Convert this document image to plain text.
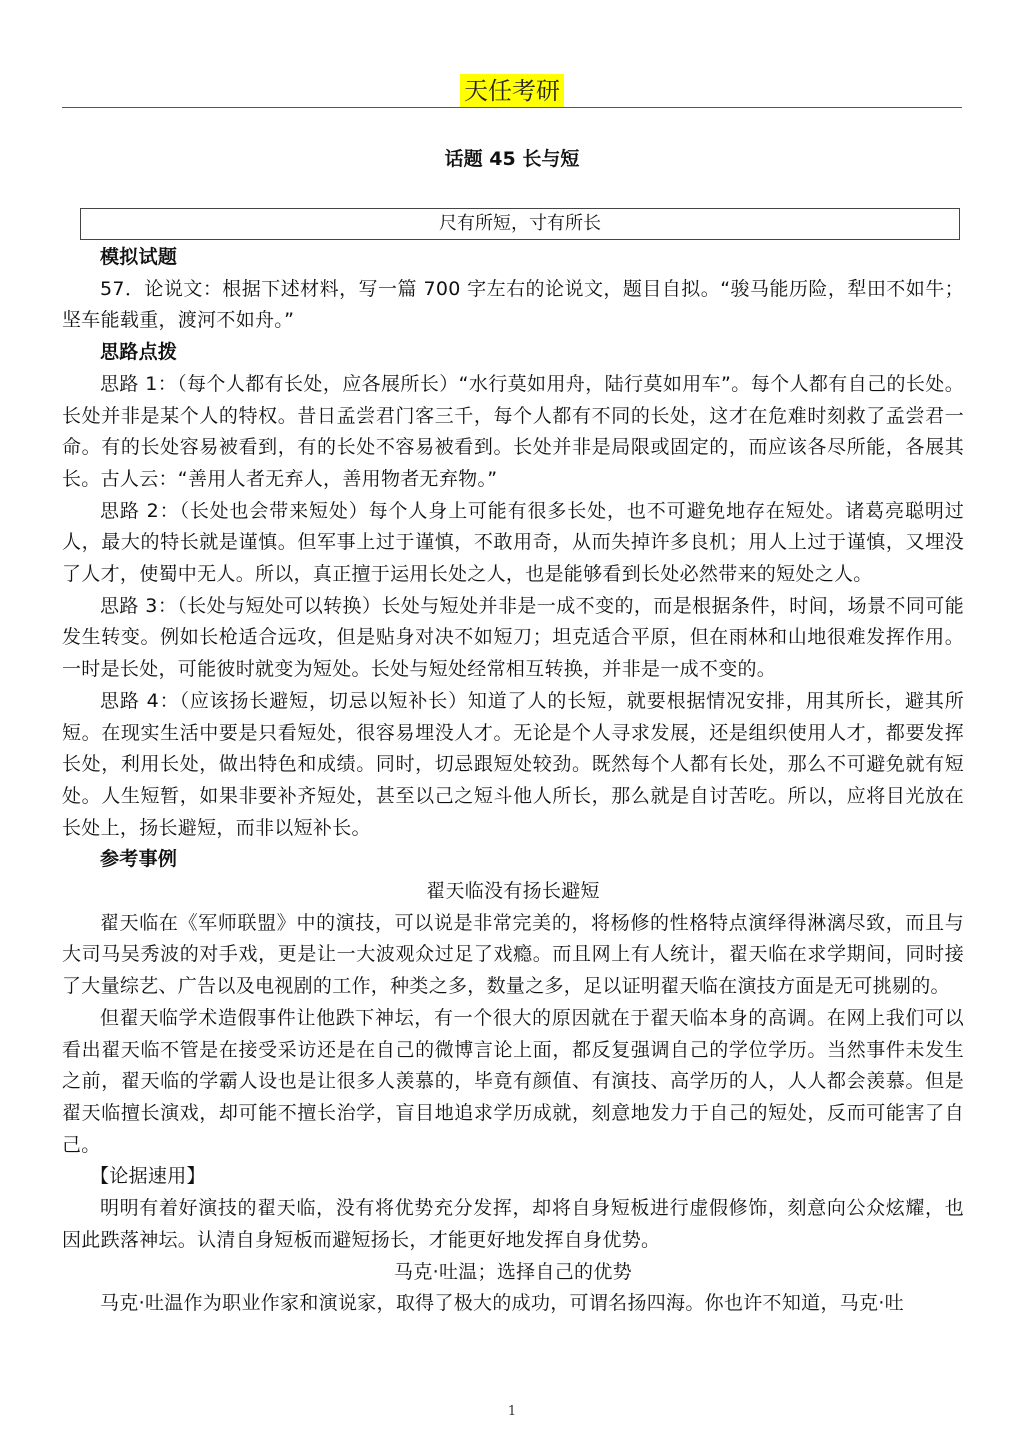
天任考研
话题 45 长与短
尺有所短，寸有所长
模拟试题

57．论说文：根据下述材料，写一篇 700 字左右的论说文，题目自拟。“骏马能历险，犁田不如牛；坚车能载重，渡河不如舟。”

思路点拨

思路 1：（每个人都有长处，应各展所长）“水行莫如用舟，陆行莫如用车”。每个人都有自己的长处。长处并非是某个人的特权。昔日孟尝君门客三千，每个人都有不同的长处，这才在危难时刻救了孟尝君一命。有的长处容易被看到，有的长处不容易被看到。长处并非是局限或固定的，而应该各尽所能，各展其长。古人云：“善用人者无弃人，善用物者无弃物。”

思路 2：（长处也会带来短处）每个人身上可能有很多长处，也不可避免地存在短处。诸葛亮聪明过人，最大的特长就是谨慎。但军事上过于谨慎，不敢用奇，从而失掉许多良机；用人上过于谨慎，又埋没了人才，使蜀中无人。所以，真正擅于运用长处之人，也是能够看到长处必然带来的短处之人。

思路 3：（长处与短处可以转换）长处与短处并非是一成不变的，而是根据条件，时间，场景不同可能发生转变。例如长枪适合远攻，但是贴身对决不如短刀；坦克适合平原，但在雨林和山地很难发挥作用。一时是长处，可能彼时就变为短处。长处与短处经常相互转换，并非是一成不变的。

思路 4：（应该扬长避短，切忌以短补长）知道了人的长短，就要根据情况安排，用其所长，避其所短。在现实生活中要是只看短处，很容易埋没人才。无论是个人寻求发展，还是组织使用人才，都要发挥长处，利用长处，做出特色和成绩。同时，切忌跟短处较劲。既然每个人都有长处，那么不可避免就有短处。人生短暂，如果非要补齐短处，甚至以己之短斗他人所长，那么就是自讨苦吃。所以，应将目光放在长处上，扬长避短，而非以短补长。

参考事例

翟天临没有扬长避短

翟天临在《军师联盟》中的演技，可以说是非常完美的，将杨修的性格特点演绎得淋漓尽致，而且与大司马吴秀波的对手戏，更是让一大波观众过足了戏瘾。而且网上有人统计，翟天临在求学期间，同时接了大量综艺、广告以及电视剧的工作，种类之多，数量之多，足以证明翟天临在演技方面是无可挑剔的。

但翟天临学术造假事件让他跌下神坛，有一个很大的原因就在于翟天临本身的高调。在网上我们可以看出翟天临不管是在接受采访还是在自己的微博言论上面，都反复强调自己的学位学历。当然事件未发生之前，翟天临的学霸人设也是让很多人羡慕的，毕竟有颜值、有演技、高学历的人，人人都会羡慕。但是翟天临擅长演戏，却可能不擅长治学，盲目地追求学历成就，刻意地发力于自己的短处，反而可能害了自己。

【论据速用】

明明有着好演技的翟天临，没有将优势充分发挥，却将自身短板进行虚假修饰，刻意向公众炫耀，也因此跌落神坛。认清自身短板而避短扬长，才能更好地发挥自身优势。

马克·吐温；选择自己的优势

马克·吐温作为职业作家和演说家，取得了极大的成功，可谓名扬四海。你也许不知道，马克·吐

1
